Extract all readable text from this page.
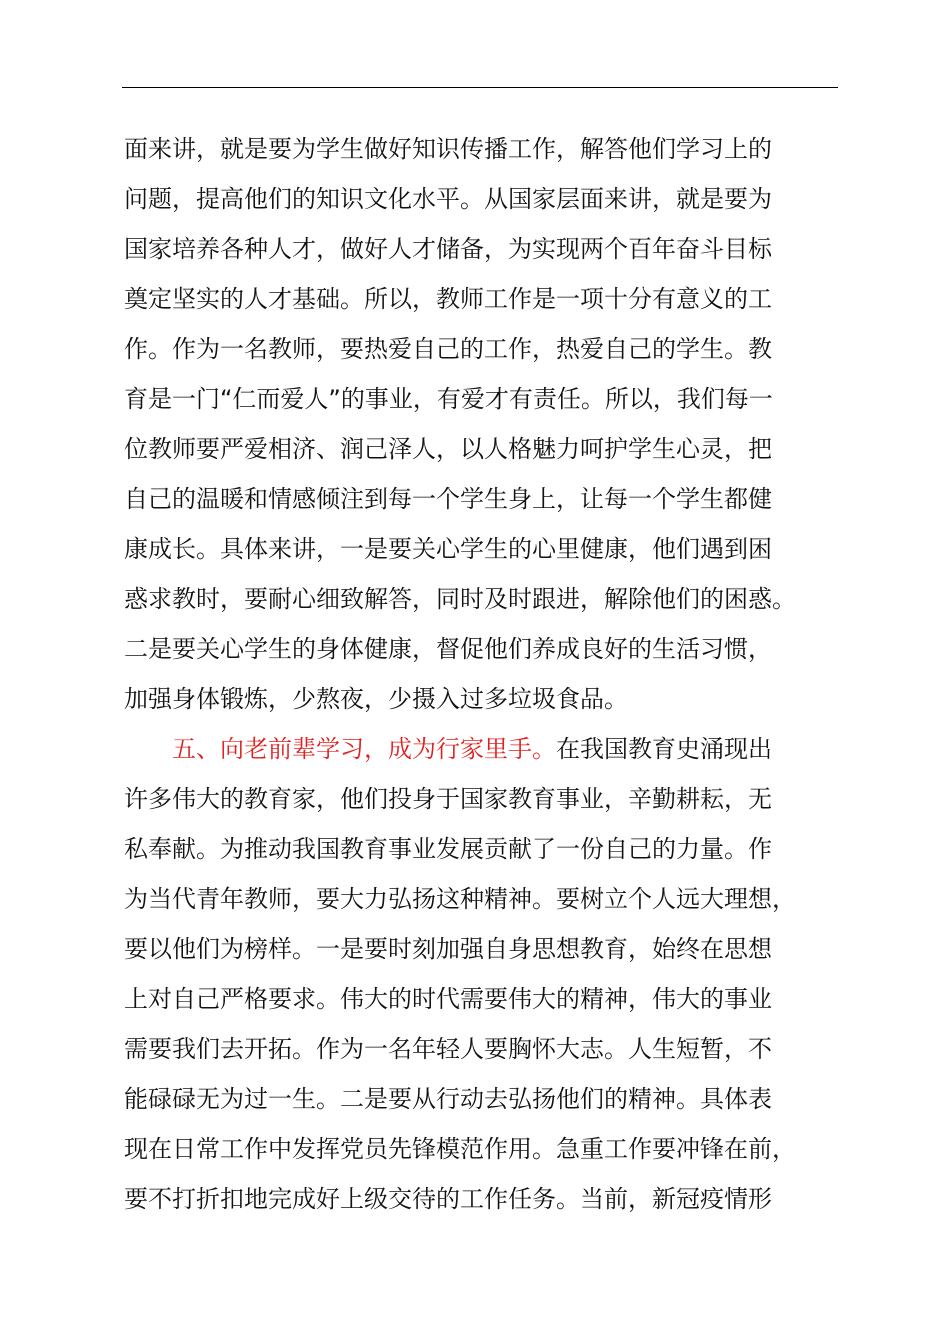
面来讲，就是要为学生做好知识传播工作，解答他们学习上的
问题，提高他们的知识文化水平。从国家层面来讲，就是要为
国家培养各种人才，做好人才储备，为实现两个百年奋斗目标
奠定坚实的人才基础。所以，教师工作是一项十分有意义的工
作。作为一名教师，要热爱自己的工作，热爱自己的学生。教
育是一门“仁而爱人”的事业，有爱才有责任。所以，我们每一
位教师要严爱相济、润己泽人，以人格魅力呵护学生心灵，把
自己的温暖和情感倾注到每一个学生身上，让每一个学生都健
康成长。具体来讲，一是要关心学生的心里健康，他们遇到困
惑求教时，要耐心细致解答，同时及时跟进，解除他们的困惑。
二是要关心学生的身体健康，督促他们养成良好的生活习惯，
加强身体锻炼，少熬夜，少摄入过多垃圾食品。
五、向老前辈学习，成为行家里手。在我国教育史涌现出
许多伟大的教育家，他们投身于国家教育事业，辛勤耕耘，无
私奉献。为推动我国教育事业发展贡献了一份自己的力量。作
为当代青年教师，要大力弘扬这种精神。要树立个人远大理想，
要以他们为榜样。一是要时刻加强自身思想教育，始终在思想
上对自己严格要求。伟大的时代需要伟大的精神，伟大的事业
需要我们去开拓。作为一名年轻人要胸怀大志。人生短暂，不
能碌碌无为过一生。二是要从行动去弘扬他们的精神。具体表
现在日常工作中发挥党员先锋模范作用。急重工作要冲锋在前，
要不打折扣地完成好上级交待的工作任务。当前，新冠疫情形
